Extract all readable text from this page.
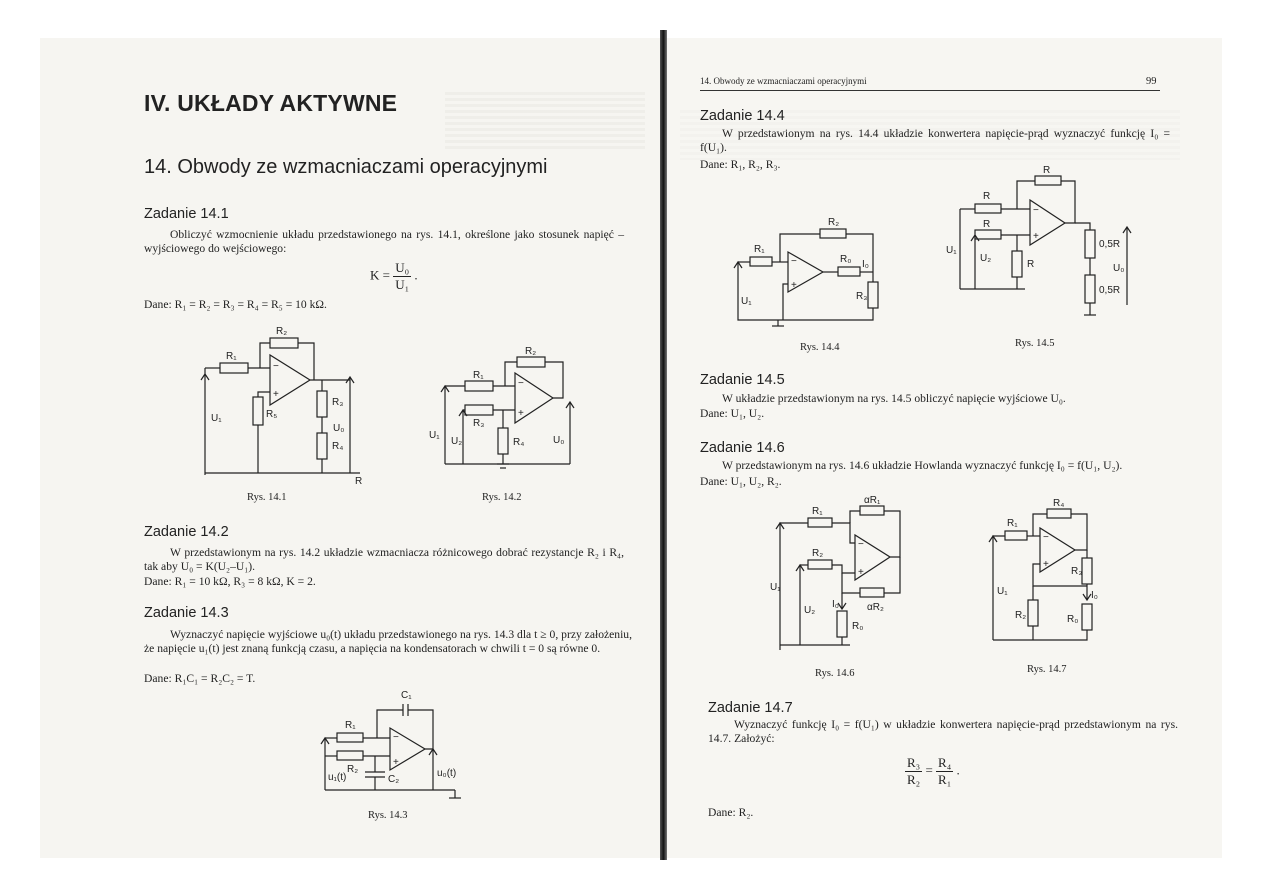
IV. UKŁADY AKTYWNE

14. Obwody ze wzmacniaczami operacyjnymi

Zadanie 14.1

Obliczyć wzmocnienie układu przedstawionego na rys. 14.1, określone jako stosunek napięć – wyjściowego do wejściowego:

$K = \frac{\text{U₀}}{\text{U₁}}$ .

Dane: R₁ = R₂ = R₃ = R₄ = R₅ = 10 kΩ.

−
+
R₁
R₂
R₅
R₃
R₄
U₁
U₀
R

Rys. 14.1

−
+
R₁
R₂
R₃
R₄
U₁
U₂	U₀

Rys. 14.2

Zadanie 14.2

W przedstawionym na rys. 14.2 układzie wzmacniacza różnicowego dobrać rezystancje R₂ i R₄, tak aby U₀ = K(U₂–U₁).

Dane: R₁ = 10 kΩ, R₃ = 8 kΩ, K = 2.

Zadanie 14.3

Wyznaczyć napięcie wyjściowe u₀(t) układu przedstawionego na rys. 14.3 dla t ≥ 0, przy założeniu, że napięcie u₁(t) jest znaną funkcją czasu, a napięcia na kondensatorach w chwili t = 0 są równe 0.

Dane: R₁C₁ = R₂C₂ = T.

−
+
R₁
C₁
R₂
C₂
u₁(t)	u₀(t)

Rys. 14.3

14. Obwody ze wzmacniaczami operacyjnymi	99

Zadanie 14.4

W przedstawionym na rys. 14.4 układzie konwertera napięcie-prąd wyznaczyć funkcję I₀ = f(U₁).

Dane: R₁, R₂, R₃.

−
+
R₁
R₂
R₀ I₀
R₃
U₁

Rys. 14.4

−
+
R
R
R
R
0,5R
0,5R
U₀
U₁
U₂

Rys. 14.5

Zadanie 14.5

W układzie przedstawionym na rys. 14.5 obliczyć napięcie wyjściowe U₀.

Dane: U₁, U₂.

Zadanie 14.6

W przedstawionym na rys. 14.6 układzie Howlanda wyznaczyć funkcję I₀ = f(U₁, U₂).

Dane: U₁, U₂, R₂.

−
+
R₁
αR₁
R₂
αR₂
I₀
R₀
U₁
U₂

Rys. 14.6

−
+
R₁
R₄
R₃
I₀
R₀
R₂
U₁

Rys. 14.7

Zadanie 14.7

Wyznaczyć funkcję I₀ = f(U₁) w układzie konwertera napięcie-prąd przedstawionym na rys. 14.7. Założyć:

$\frac{\text{R₃}}{\text{R₂}} = \frac{\text{R₄}}{\text{R₁}}$ .

Dane: R₂.
